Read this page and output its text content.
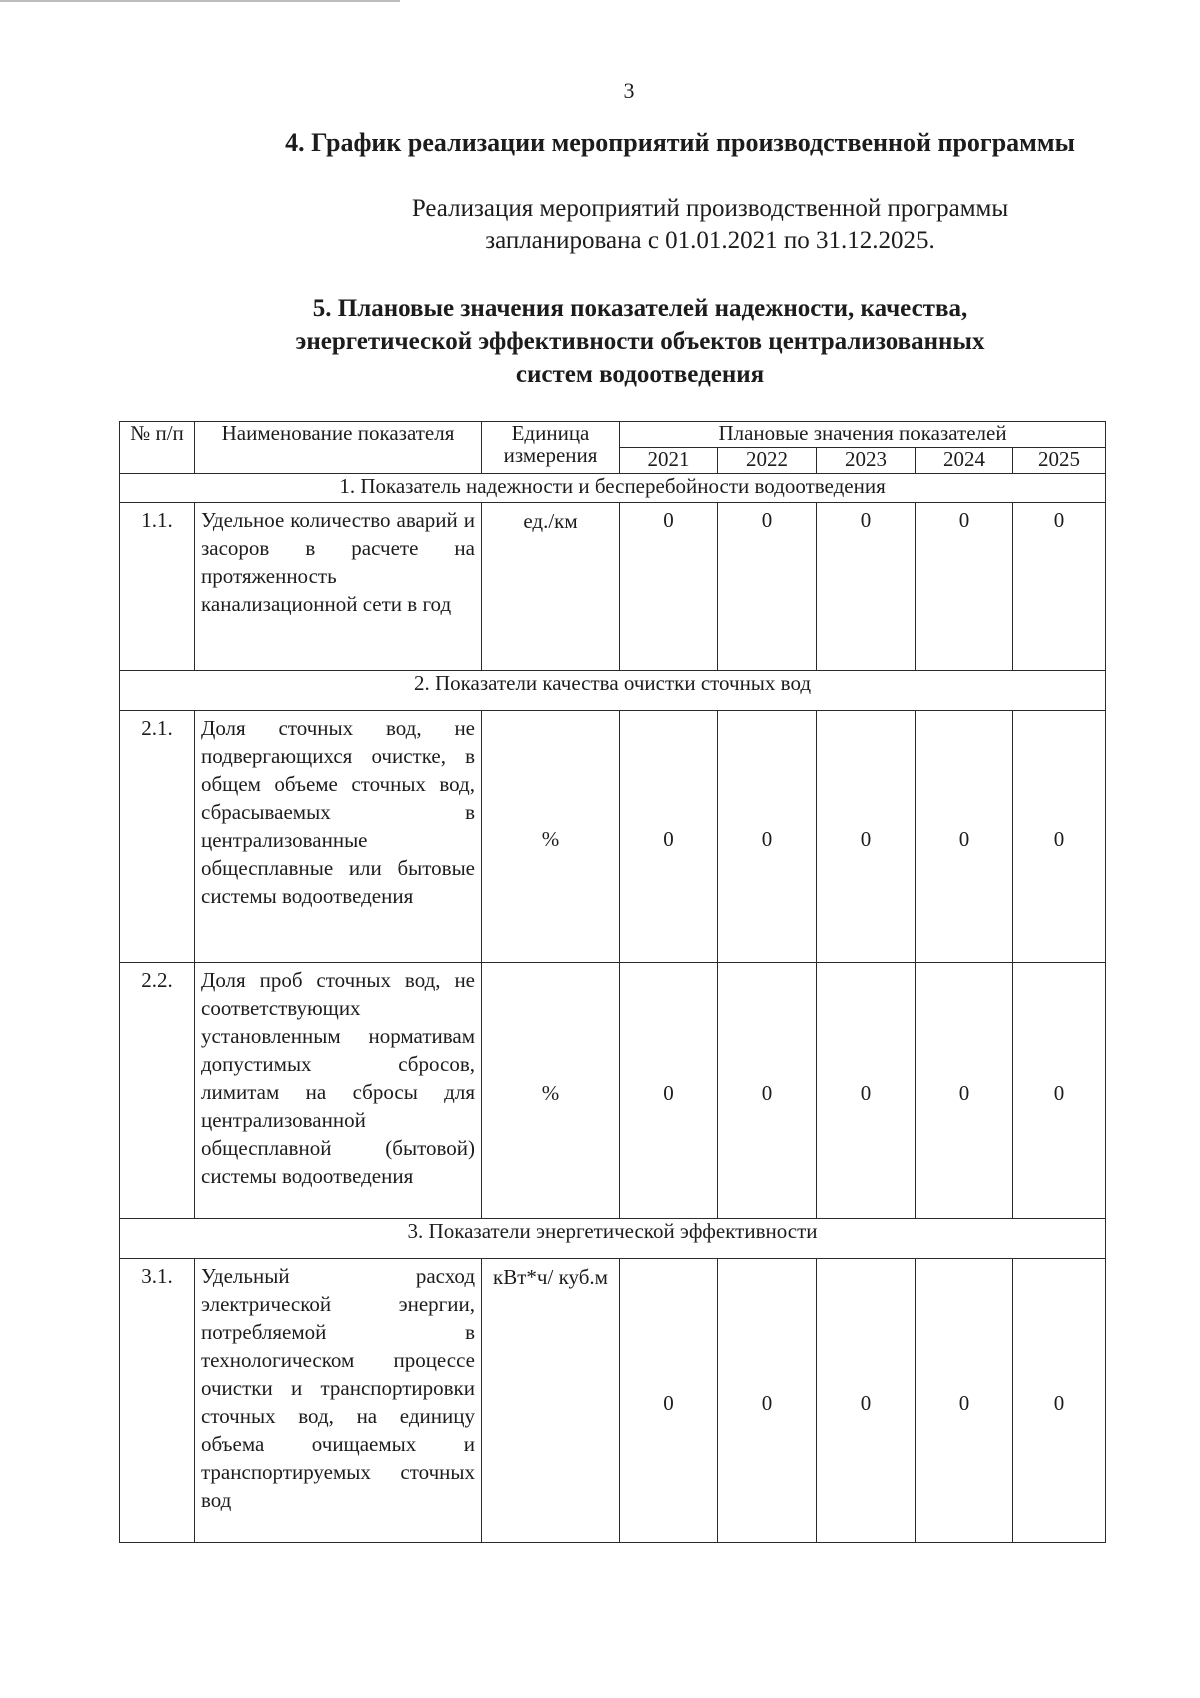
3
4. График реализации мероприятий производственной программы
Реализация мероприятий производственной программы
запланирована с 01.01.2021 по 31.12.2025.
5. Плановые значения показателей надежности, качества,
энергетической эффективности объектов централизованных
систем водоотведения
№ п/п	Наименование показателя	Единица измерения	Плановые значения показателей				
			2021	2022	2023	2024	2025
1. Показатель надежности и бесперебойности водоотведения							
1.1.	Удельное количество аварий и засоров в расчете на протяженность канализационной сети в год	ед./км	0	0	0	0	0
2. Показатели качества очистки сточных вод							
2.1.	Доля сточных вод, не подвергающихся очистке, в общем объеме сточных вод, сбрасываемых в централизованные общесплавные или бытовые системы водоотведения	%	0	0	0	0	0
2.2.	Доля проб сточных вод, не соответствующих установленным нормативам допустимых сбросов, лимитам на сбросы для централизованной общесплавной (бытовой) системы водоотведения	%	0	0	0	0	0
3. Показатели энергетической эффективности							
3.1.	Удельный расход электрической энергии, потребляемой в технологическом процессе очистки и транспортировки сточных вод, на единицу объема очищаемых и транспортируемых сточных вод	кВт*ч/ куб.м	0	0	0	0	0
